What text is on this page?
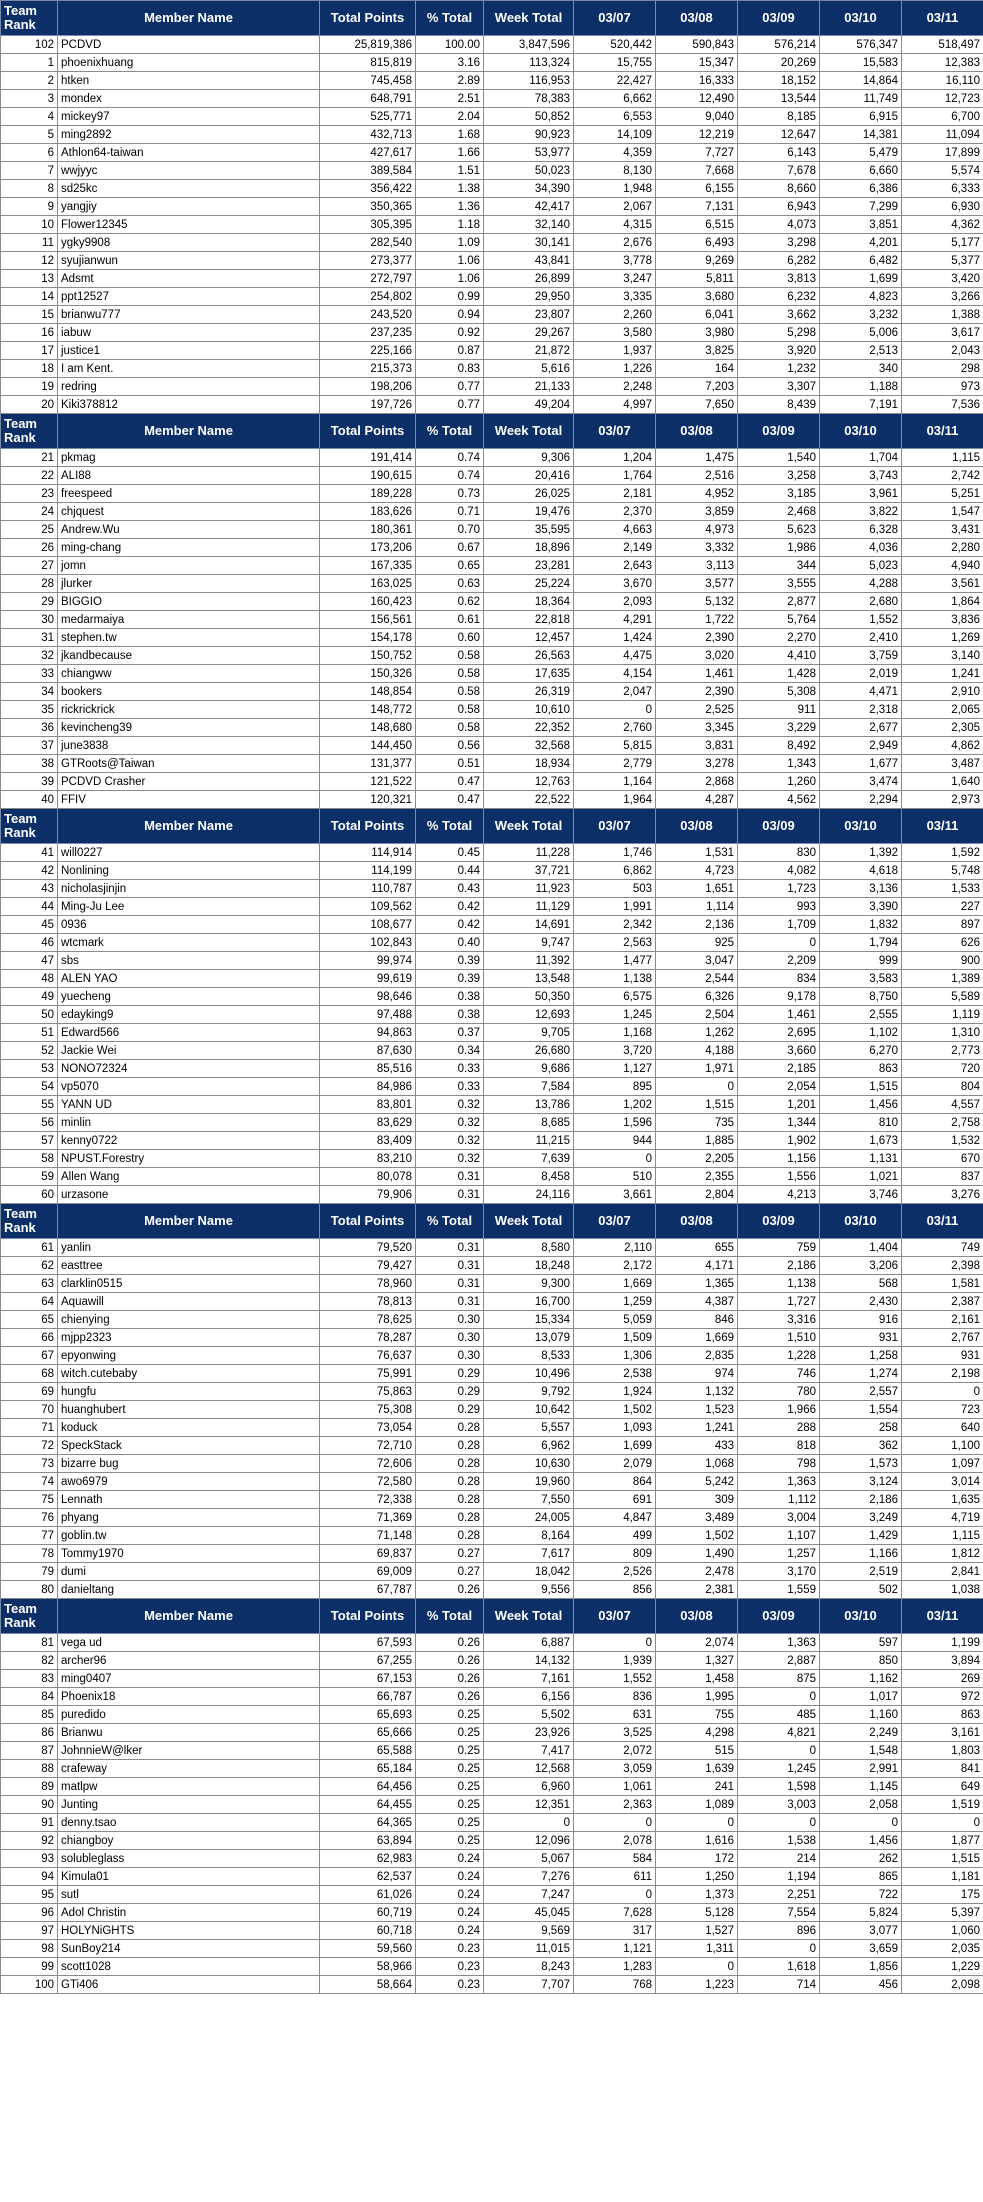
Team Rank	Member Name	Total Points	% Total	Week Total	03/07	03/08	03/09	03/10	03/11
102	PCDVD	25,819,386	100.00	3,847,596	520,442	590,843	576,214	576,347	518,497
1	phoenixhuang	815,819	3.16	113,324	15,755	15,347	20,269	15,583	12,383
2	htken	745,458	2.89	116,953	22,427	16,333	18,152	14,864	16,110
3	mondex	648,791	2.51	78,383	6,662	12,490	13,544	11,749	12,723
4	mickey97	525,771	2.04	50,852	6,553	9,040	8,185	6,915	6,700
5	ming2892	432,713	1.68	90,923	14,109	12,219	12,647	14,381	11,094
6	Athlon64-taiwan	427,617	1.66	53,977	4,359	7,727	6,143	5,479	17,899
7	wwjyyc	389,584	1.51	50,023	8,130	7,668	7,678	6,660	5,574
8	sd25kc	356,422	1.38	34,390	1,948	6,155	8,660	6,386	6,333
9	yangjiy	350,365	1.36	42,417	2,067	7,131	6,943	7,299	6,930
10	Flower12345	305,395	1.18	32,140	4,315	6,515	4,073	3,851	4,362
11	ygky9908	282,540	1.09	30,141	2,676	6,493	3,298	4,201	5,177
12	syujianwun	273,377	1.06	43,841	3,778	9,269	6,282	6,482	5,377
13	Adsmt	272,797	1.06	26,899	3,247	5,811	3,813	1,699	3,420
14	ppt12527	254,802	0.99	29,950	3,335	3,680	6,232	4,823	3,266
15	brianwu777	243,520	0.94	23,807	2,260	6,041	3,662	3,232	1,388
16	iabuw	237,235	0.92	29,267	3,580	3,980	5,298	5,006	3,617
17	justice1	225,166	0.87	21,872	1,937	3,825	3,920	2,513	2,043
18	I am Kent.	215,373	0.83	5,616	1,226	164	1,232	340	298
19	redring	198,206	0.77	21,133	2,248	7,203	3,307	1,188	973
20	Kiki378812	197,726	0.77	49,204	4,997	7,650	8,439	7,191	7,536
Team Rank	Member Name	Total Points	% Total	Week Total	03/07	03/08	03/09	03/10	03/11
21	pkmag	191,414	0.74	9,306	1,204	1,475	1,540	1,704	1,115
22	ALI88	190,615	0.74	20,416	1,764	2,516	3,258	3,743	2,742
23	freespeed	189,228	0.73	26,025	2,181	4,952	3,185	3,961	5,251
24	chjquest	183,626	0.71	19,476	2,370	3,859	2,468	3,822	1,547
25	Andrew.Wu	180,361	0.70	35,595	4,663	4,973	5,623	6,328	3,431
26	ming-chang	173,206	0.67	18,896	2,149	3,332	1,986	4,036	2,280
27	jomn	167,335	0.65	23,281	2,643	3,113	344	5,023	4,940
28	jlurker	163,025	0.63	25,224	3,670	3,577	3,555	4,288	3,561
29	BIGGIO	160,423	0.62	18,364	2,093	5,132	2,877	2,680	1,864
30	medarmaiya	156,561	0.61	22,818	4,291	1,722	5,764	1,552	3,836
31	stephen.tw	154,178	0.60	12,457	1,424	2,390	2,270	2,410	1,269
32	jkandbecause	150,752	0.58	26,563	4,475	3,020	4,410	3,759	3,140
33	chiangww	150,326	0.58	17,635	4,154	1,461	1,428	2,019	1,241
34	bookers	148,854	0.58	26,319	2,047	2,390	5,308	4,471	2,910
35	rickrickrick	148,772	0.58	10,610	0	2,525	911	2,318	2,065
36	kevincheng39	148,680	0.58	22,352	2,760	3,345	3,229	2,677	2,305
37	june3838	144,450	0.56	32,568	5,815	3,831	8,492	2,949	4,862
38	GTRoots@Taiwan	131,377	0.51	18,934	2,779	3,278	1,343	1,677	3,487
39	PCDVD Crasher	121,522	0.47	12,763	1,164	2,868	1,260	3,474	1,640
40	FFIV	120,321	0.47	22,522	1,964	4,287	4,562	2,294	2,973
Team Rank	Member Name	Total Points	% Total	Week Total	03/07	03/08	03/09	03/10	03/11
41	will0227	114,914	0.45	11,228	1,746	1,531	830	1,392	1,592
42	Nonlining	114,199	0.44	37,721	6,862	4,723	4,082	4,618	5,748
43	nicholasjinjin	110,787	0.43	11,923	503	1,651	1,723	3,136	1,533
44	Ming-Ju Lee	109,562	0.42	11,129	1,991	1,114	993	3,390	227
45	0936	108,677	0.42	14,691	2,342	2,136	1,709	1,832	897
46	wtcmark	102,843	0.40	9,747	2,563	925	0	1,794	626
47	sbs	99,974	0.39	11,392	1,477	3,047	2,209	999	900
48	ALEN YAO	99,619	0.39	13,548	1,138	2,544	834	3,583	1,389
49	yuecheng	98,646	0.38	50,350	6,575	6,326	9,178	8,750	5,589
50	edayking9	97,488	0.38	12,693	1,245	2,504	1,461	2,555	1,119
51	Edward566	94,863	0.37	9,705	1,168	1,262	2,695	1,102	1,310
52	Jackie Wei	87,630	0.34	26,680	3,720	4,188	3,660	6,270	2,773
53	NONO72324	85,516	0.33	9,686	1,127	1,971	2,185	863	720
54	vp5070	84,986	0.33	7,584	895	0	2,054	1,515	804
55	YANN UD	83,801	0.32	13,786	1,202	1,515	1,201	1,456	4,557
56	minlin	83,629	0.32	8,685	1,596	735	1,344	810	2,758
57	kenny0722	83,409	0.32	11,215	944	1,885	1,902	1,673	1,532
58	NPUST.Forestry	83,210	0.32	7,639	0	2,205	1,156	1,131	670
59	Allen Wang	80,078	0.31	8,458	510	2,355	1,556	1,021	837
60	urzasone	79,906	0.31	24,116	3,661	2,804	4,213	3,746	3,276
Team Rank	Member Name	Total Points	% Total	Week Total	03/07	03/08	03/09	03/10	03/11
61	yanlin	79,520	0.31	8,580	2,110	655	759	1,404	749
62	easttree	79,427	0.31	18,248	2,172	4,171	2,186	3,206	2,398
63	clarklin0515	78,960	0.31	9,300	1,669	1,365	1,138	568	1,581
64	Aquawill	78,813	0.31	16,700	1,259	4,387	1,727	2,430	2,387
65	chienying	78,625	0.30	15,334	5,059	846	3,316	916	2,161
66	mjpp2323	78,287	0.30	13,079	1,509	1,669	1,510	931	2,767
67	epyonwing	76,637	0.30	8,533	1,306	2,835	1,228	1,258	931
68	witch.cutebaby	75,991	0.29	10,496	2,538	974	746	1,274	2,198
69	hungfu	75,863	0.29	9,792	1,924	1,132	780	2,557	0
70	huanghubert	75,308	0.29	10,642	1,502	1,523	1,966	1,554	723
71	koduck	73,054	0.28	5,557	1,093	1,241	288	258	640
72	SpeckStack	72,710	0.28	6,962	1,699	433	818	362	1,100
73	bizarre bug	72,606	0.28	10,630	2,079	1,068	798	1,573	1,097
74	awo6979	72,580	0.28	19,960	864	5,242	1,363	3,124	3,014
75	Lennath	72,338	0.28	7,550	691	309	1,112	2,186	1,635
76	phyang	71,369	0.28	24,005	4,847	3,489	3,004	3,249	4,719
77	goblin.tw	71,148	0.28	8,164	499	1,502	1,107	1,429	1,115
78	Tommy1970	69,837	0.27	7,617	809	1,490	1,257	1,166	1,812
79	dumi	69,009	0.27	18,042	2,526	2,478	3,170	2,519	2,841
80	danieltang	67,787	0.26	9,556	856	2,381	1,559	502	1,038
Team Rank	Member Name	Total Points	% Total	Week Total	03/07	03/08	03/09	03/10	03/11
81	vega ud	67,593	0.26	6,887	0	2,074	1,363	597	1,199
82	archer96	67,255	0.26	14,132	1,939	1,327	2,887	850	3,894
83	ming0407	67,153	0.26	7,161	1,552	1,458	875	1,162	269
84	Phoenix18	66,787	0.26	6,156	836	1,995	0	1,017	972
85	puredido	65,693	0.25	5,502	631	755	485	1,160	863
86	Brianwu	65,666	0.25	23,926	3,525	4,298	4,821	2,249	3,161
87	JohnnieW@lker	65,588	0.25	7,417	2,072	515	0	1,548	1,803
88	crafeway	65,184	0.25	12,568	3,059	1,639	1,245	2,991	841
89	matlpw	64,456	0.25	6,960	1,061	241	1,598	1,145	649
90	Junting	64,455	0.25	12,351	2,363	1,089	3,003	2,058	1,519
91	denny.tsao	64,365	0.25	0	0	0	0	0	0
92	chiangboy	63,894	0.25	12,096	2,078	1,616	1,538	1,456	1,877
93	solubleglass	62,983	0.24	5,067	584	172	214	262	1,515
94	Kimula01	62,537	0.24	7,276	611	1,250	1,194	865	1,181
95	sutl	61,026	0.24	7,247	0	1,373	2,251	722	175
96	Adol Christin	60,719	0.24	45,045	7,628	5,128	7,554	5,824	5,397
97	HOLYNiGHTS	60,718	0.24	9,569	317	1,527	896	3,077	1,060
98	SunBoy214	59,560	0.23	11,015	1,121	1,311	0	3,659	2,035
99	scott1028	58,966	0.23	8,243	1,283	0	1,618	1,856	1,229
100	GTi406	58,664	0.23	7,707	768	1,223	714	456	2,098
